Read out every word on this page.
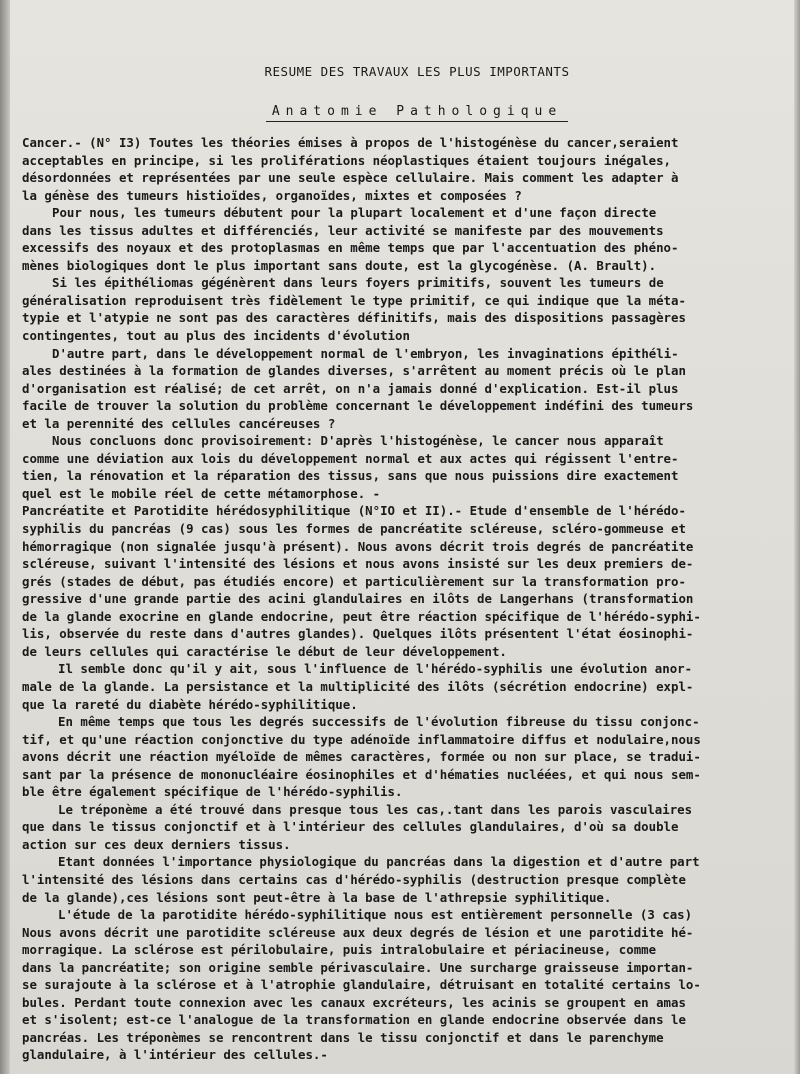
RESUME DES TRAVAUX LES PLUS IMPORTANTS
Anatomie Pathologique
Cancer.- (N° I3) Toutes les théories émises à propos de l'histogénèse du cancer,seraient
acceptables en principe, si les proliférations néoplastiques étaient toujours inégales,
désordonnées et représentées par une seule espèce cellulaire. Mais comment les adapter à
la génèse des tumeurs histioïdes, organoïdes, mixtes et composées ?
Pour nous, les tumeurs débutent pour la plupart localement et d'une façon directe
dans les tissus adultes et différenciés, leur activité se manifeste par des mouvements
excessifs des noyaux et des protoplasmas en même temps que par l'accentuation des phéno-
mènes biologiques dont le plus important sans doute, est la glycogénèse. (A. Brault).
Si les épithéliomas gégénèrent dans leurs foyers primitifs, souvent les tumeurs de
généralisation reproduisent très fidèlement le type primitif, ce qui indique que la méta-
typie et l'atypie ne sont pas des caractères définitifs, mais des dispositions passagères
contingentes, tout au plus des incidents d'évolution
D'autre part, dans le développement normal de l'embryon, les invaginations épithéli-
ales destinées à la formation de glandes diverses, s'arrêtent au moment précis où le plan
d'organisation est réalisé; de cet arrêt, on n'a jamais donné d'explication. Est-il plus
facile de trouver la solution du problème concernant le développement indéfini des tumeurs
et la perennité des cellules cancéreuses ?
Nous concluons donc provisoirement: D'après l'histogénèse, le cancer nous apparaît
comme une déviation aux lois du développement normal et aux actes qui régissent l'entre-
tien, la rénovation et la réparation des tissus, sans que nous puissions dire exactement
quel est le mobile réel de cette métamorphose. -
Pancréatite et Parotidite hérédosyphilitique (N°IO et II).- Etude d'ensemble de l'hérédo-
syphilis du pancréas (9 cas) sous les formes de pancréatite scléreuse, scléro-gommeuse et
hémorragique (non signalée jusqu'à présent). Nous avons décrit trois degrés de pancréatite
scléreuse, suivant l'intensité des lésions et nous avons insisté sur les deux premiers de-
grés (stades de début, pas étudiés encore) et particulièrement sur la transformation pro-
gressive d'une grande partie des acini glandulaires en ilôts de Langerhans (transformation
de la glande exocrine en glande endocrine, peut être réaction spécifique de l'hérédo-syphi-
lis, observée du reste dans d'autres glandes). Quelques ilôts présentent l'état éosinophi-
de leurs cellules qui caractérise le début de leur développement.
Il semble donc qu'il y ait, sous l'influence de l'hérédo-syphilis une évolution anor-
male de la glande. La persistance et la multiplicité des ilôts (sécrétion endocrine) expl-
que la rareté du diabète hérédo-syphilitique.
En même temps que tous les degrés successifs de l'évolution fibreuse du tissu conjonc-
tif, et qu'une réaction conjonctive du type adénoïde inflammatoire diffus et nodulaire,nous
avons décrit une réaction myéloïde de mêmes caractères, formée ou non sur place, se tradui-
sant par la présence de mononucléaire éosinophiles et d'hématies nucléées, et qui nous sem-
ble être également spécifique de l'hérédo-syphilis.
Le tréponème a été trouvé dans presque tous les cas,.tant dans les parois vasculaires
que dans le tissus conjonctif et à l'intérieur des cellules glandulaires, d'où sa double
action sur ces deux derniers tissus.
Etant données l'importance physiologique du pancréas dans la digestion et d'autre part
l'intensité des lésions dans certains cas d'hérédo-syphilis (destruction presque complète
de la glande),ces lésions sont peut-être à la base de l'athrepsie syphilitique.
L'étude de la parotidite hérédo-syphilitique nous est entièrement personnelle (3 cas)
Nous avons décrit une parotidite scléreuse aux deux degrés de lésion et une parotidite hé-
morragique. La sclérose est périlobulaire, puis intralobulaire et périacineuse, comme
dans la pancréatite; son origine semble périvasculaire. Une surcharge graisseuse importan-
se surajoute à la sclérose et à l'atrophie glandulaire, détruisant en totalité certains lo-
bules. Perdant toute connexion avec les canaux excréteurs, les acinis se groupent en amas
et s'isolent; est-ce l'analogue de la transformation en glande endocrine observée dans le
pancréas. Les tréponèmes se rencontrent dans le tissu conjonctif et dans le parenchyme
glandulaire, à l'intérieur des cellules.-
